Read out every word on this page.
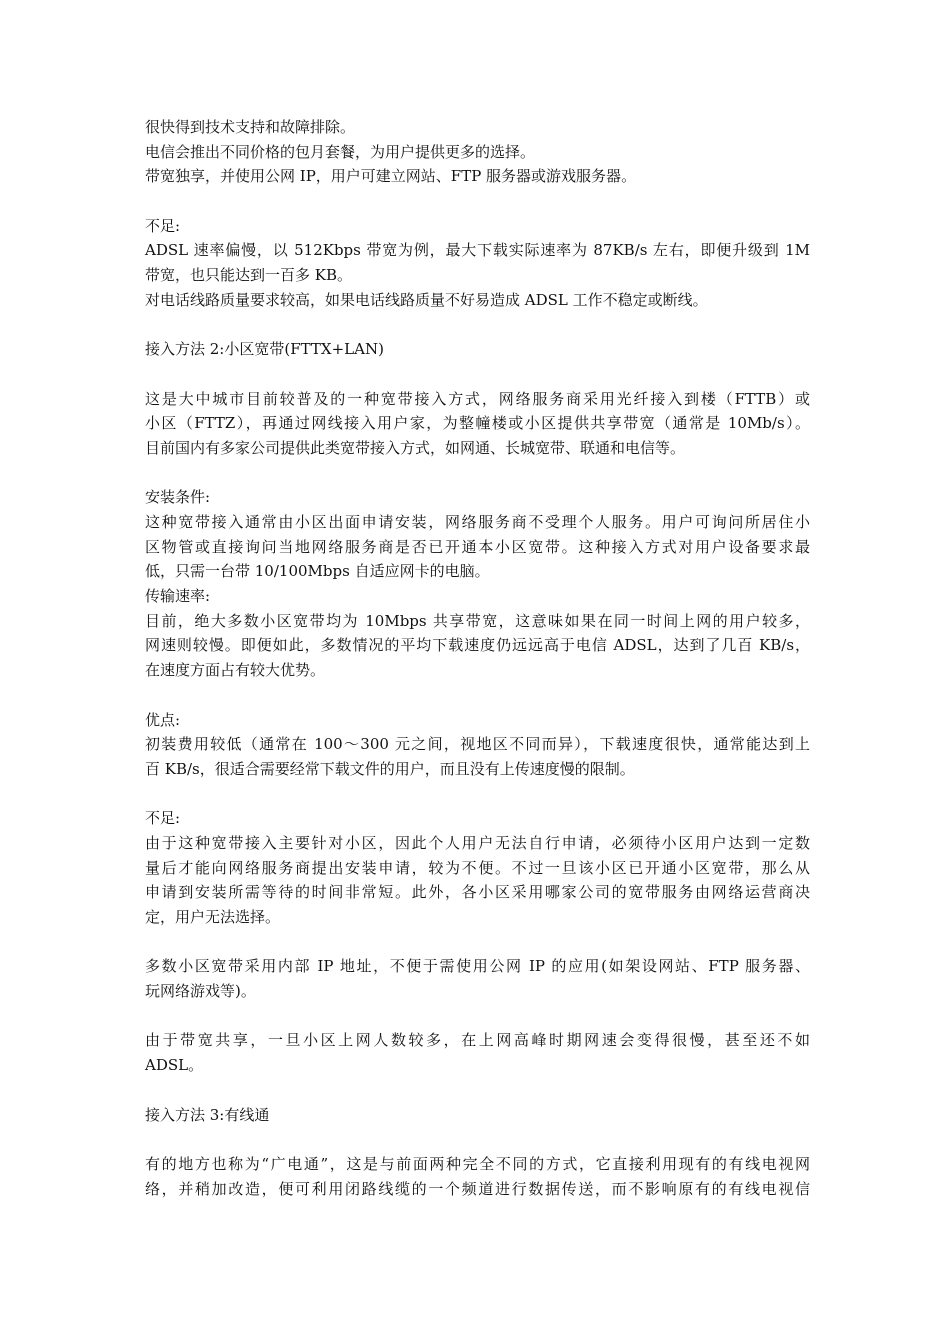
很快得到技术支持和故障排除。
电信会推出不同价格的包月套餐，为用户提供更多的选择。
带宽独享，并使用公网 IP，用户可建立网站、FTP 服务器或游戏服务器。
不足:
ADSL 速率偏慢，以 512Kbps 带宽为例，最大下载实际速率为 87KB/s 左右，即便升级到 1M
带宽，也只能达到一百多 KB。
对电话线路质量要求较高，如果电话线路质量不好易造成 ADSL 工作不稳定或断线。
接入方法 2:小区宽带(FTTX+LAN)
这是大中城市目前较普及的一种宽带接入方式，网络服务商采用光纤接入到楼（FTTB）或
小区（FTTZ），再通过网线接入用户家，为整幢楼或小区提供共享带宽（通常是 10Mb/s）。
目前国内有多家公司提供此类宽带接入方式，如网通、长城宽带、联通和电信等。
安装条件:
这种宽带接入通常由小区出面申请安装，网络服务商不受理个人服务。用户可询问所居住小
区物管或直接询问当地网络服务商是否已开通本小区宽带。这种接入方式对用户设备要求最
低，只需一台带 10/100Mbps 自适应网卡的电脑。
传输速率:
目前，绝大多数小区宽带均为 10Mbps 共享带宽，这意味如果在同一时间上网的用户较多，
网速则较慢。即便如此，多数情况的平均下载速度仍远远高于电信 ADSL，达到了几百 KB/s，
在速度方面占有较大优势。
优点:
初装费用较低（通常在 100～300 元之间，视地区不同而异），下载速度很快，通常能达到上
百 KB/s，很适合需要经常下载文件的用户，而且没有上传速度慢的限制。
不足:
由于这种宽带接入主要针对小区，因此个人用户无法自行申请，必须待小区用户达到一定数
量后才能向网络服务商提出安装申请，较为不便。不过一旦该小区已开通小区宽带，那么从
申请到安装所需等待的时间非常短。此外，各小区采用哪家公司的宽带服务由网络运营商决
定，用户无法选择。
多数小区宽带采用内部 IP 地址，不便于需使用公网 IP 的应用(如架设网站、FTP 服务器、
玩网络游戏等)。
由于带宽共享，一旦小区上网人数较多，在上网高峰时期网速会变得很慢，甚至还不如
ADSL。
接入方法 3:有线通
有的地方也称为“广电通”，这是与前面两种完全不同的方式，它直接利用现有的有线电视网
络，并稍加改造，便可利用闭路线缆的一个频道进行数据传送，而不影响原有的有线电视信
